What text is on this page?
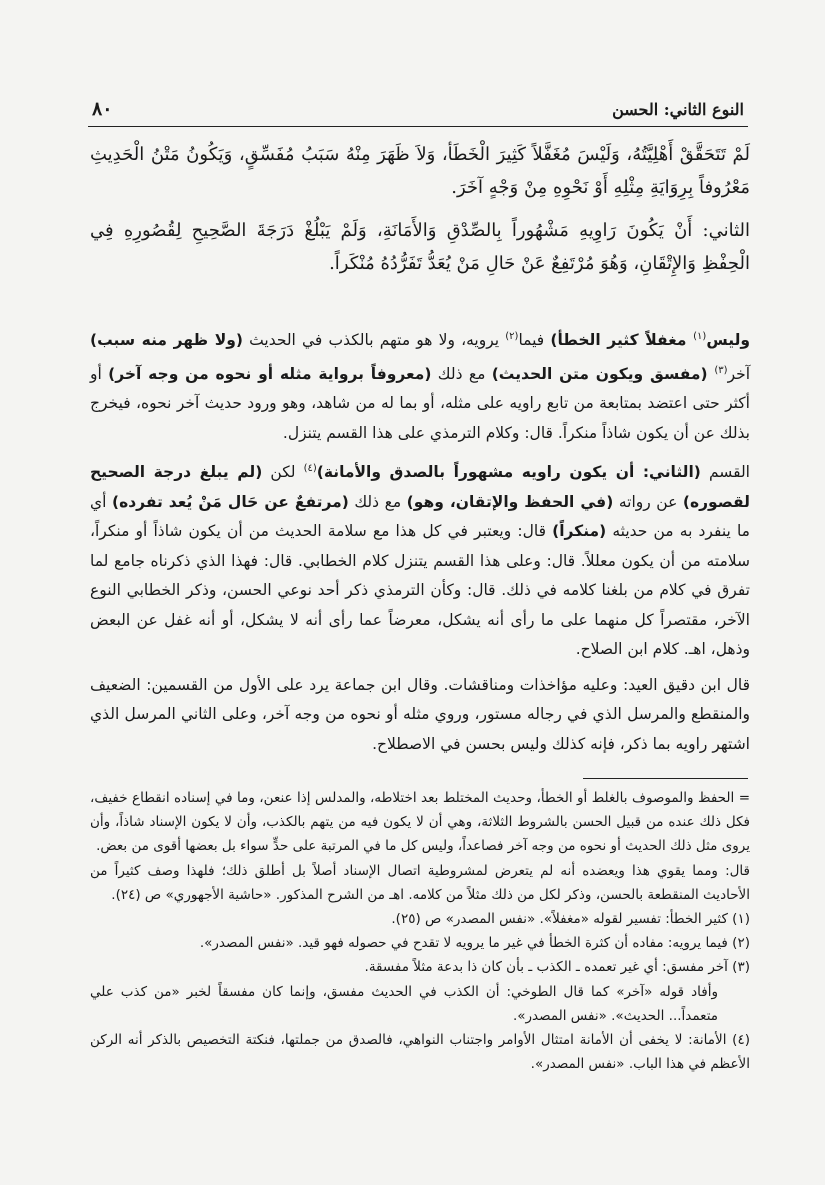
٨٠	النوع الثاني: الحسن

لَمْ تَتَحَقَّقْ أَهْلِيَّتُهُ، وَلَيْسَ مُغَفَّلاً كَثِيرَ الْخَطَأ، وَلاَ ظَهَرَ مِنْهُ سَبَبُ مُفَسِّقٍ، وَيَكُونُ مَتْنُ الْحَدِيثِ مَعْرُوفاً بِرِوَايَةِ مِثْلِهِ أَوْ نَحْوِهِ مِنْ وَجْهٍ آخَرَ.

الثاني: أَنْ يَكُونَ رَاوِيهِ مَشْهُوراً بِالصِّدْقِ وَالأَمَانَةِ، وَلَمْ يَبْلُغْ دَرَجَةَ الصَّحِيحِ لِقُصُورِهِ فِي الْحِفْظِ وَالإِتْقَانِ، وَهُوَ مُرْتَفِعٌ عَنْ حَالِ مَنْ يُعَدُّ تَفَرُّدُهُ مُنْكَراً.

وليس$^{(١)}$ مغفلاً كثير الخطأ) فيما$^{(٢)}$ يرويه، ولا هو متهم بالكذب في الحديث (ولا ظهر منه سبب) آخر$^{(٣)}$ (مفسق ويكون متن الحديث) مع ذلك (معروفاً برواية مثله أو نحوه من وجه آخر) أو أكثر حتى اعتضد بمتابعة من تابع راويه على مثله، أو بما له من شاهد، وهو ورود حديث آخر نحوه، فيخرج بذلك عن أن يكون شاذاً منكراً. قال: وكلام الترمذي على هذا القسم يتنزل.

القسم (الثاني: أن يكون راويه مشهوراً بالصدق والأمانة)$^{(٤)}$ لكن (لم يبلغ درجة الصحيح لقصوره) عن رواته (في الحفظ والإتقان، وهو) مع ذلك (مرتفعٌ عن حَال مَنْ يُعد تفرده) أي ما ينفرد به من حديثه (منكراً) قال: ويعتبر في كل هذا مع سلامة الحديث من أن يكون شاذاً أو منكراً، سلامته من أن يكون معللاً. قال: وعلى هذا القسم يتنزل كلام الخطابي. قال: فهذا الذي ذكرناه جامع لما تفرق في كلام من بلغنا كلامه في ذلك. قال: وكأن الترمذي ذكر أحد نوعي الحسن، وذكر الخطابي النوع الآخر، مقتصراً كل منهما على ما رأى أنه يشكل، معرضاً عما رأى أنه لا يشكل، أو أنه غفل عن البعض وذهل، اهـ. كلام ابن الصلاح.

قال ابن دقيق العيد: وعليه مؤاخذات ومناقشات. وقال ابن جماعة يرد على الأول من القسمين: الضعيف والمنقطع والمرسل الذي في رجاله مستور، وروي مثله أو نحوه من وجه آخر، وعلى الثاني المرسل الذي اشتهر راويه بما ذكر، فإنه كذلك وليس بحسن في الاصطلاح.

= الحفظ والموصوف بالغلط أو الخطأ، وحديث المختلط بعد اختلاطه، والمدلس إذا عنعن، وما في إسناده انقطاع خفيف، فكل ذلك عنده من قبيل الحسن بالشروط الثلاثة، وهي أن لا يكون فيه من يتهم بالكذب، وأن لا يكون الإسناد شاذاً، وأن يروى مثل ذلك الحديث أو نحوه من وجه آخر فصاعداً، وليس كل ما في المرتبة على حدٍّ سواء بل بعضها أقوى من بعض.

قال: ومما يقوي هذا ويعضده أنه لم يتعرض لمشروطية اتصال الإسناد أصلاً بل أطلق ذلك؛ فلهذا وصف كثيراً من الأحاديث المنقطعة بالحسن، وذكر لكل من ذلك مثلاً من كلامه. اهـ من الشرح المذكور. «حاشية الأجهوري» ص (٢٤).

(١) كثير الخطأ: تفسير لقوله «مغفلاً». «نفس المصدر» ص (٢٥).

(٢) فيما يرويه: مفاده أن كثرة الخطأ في غير ما يرويه لا تقدح في حصوله فهو قيد. «نفس المصدر».

(٣) آخر مفسق: أي غير تعمده ـ الكذب ـ بأن كان ذا بدعة مثلاً مفسقة.

وأفاد قوله «آخر» كما قال الطوخي: أن الكذب في الحديث مفسق، وإنما كان مفسقاً لخبر «من كذب علي متعمداً... الحديث». «نفس المصدر».

(٤) الأمانة: لا يخفى أن الأمانة امتثال الأوامر واجتناب النواهي، فالصدق من جملتها، فنكتة التخصيص بالذكر أنه الركن الأعظم في هذا الباب. «نفس المصدر».
